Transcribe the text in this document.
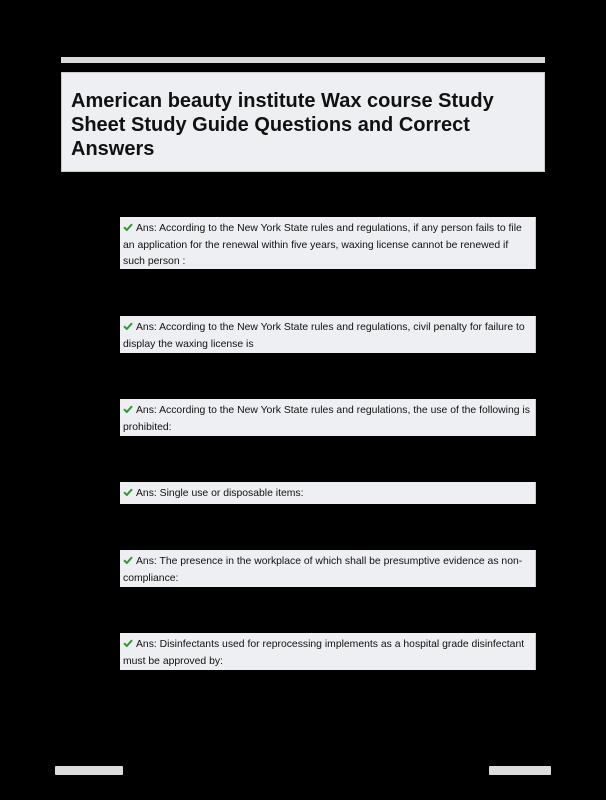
American beauty institute Wax course Study Sheet Study Guide Questions and Correct Answers
Ans: According to the New York State rules and regulations, if any person fails to file an application for the renewal within five years, waxing license cannot be renewed if such person :
Ans: According to the New York State rules and regulations, civil penalty for failure to display the waxing license is
Ans: According to the New York State rules and regulations, the use of the following is prohibited:
Ans: Single use or disposable items:
Ans: The presence in the workplace of which shall be presumptive evidence as non-compliance:
Ans: Disinfectants used for reprocessing implements as a hospital grade disinfectant must be approved by:
